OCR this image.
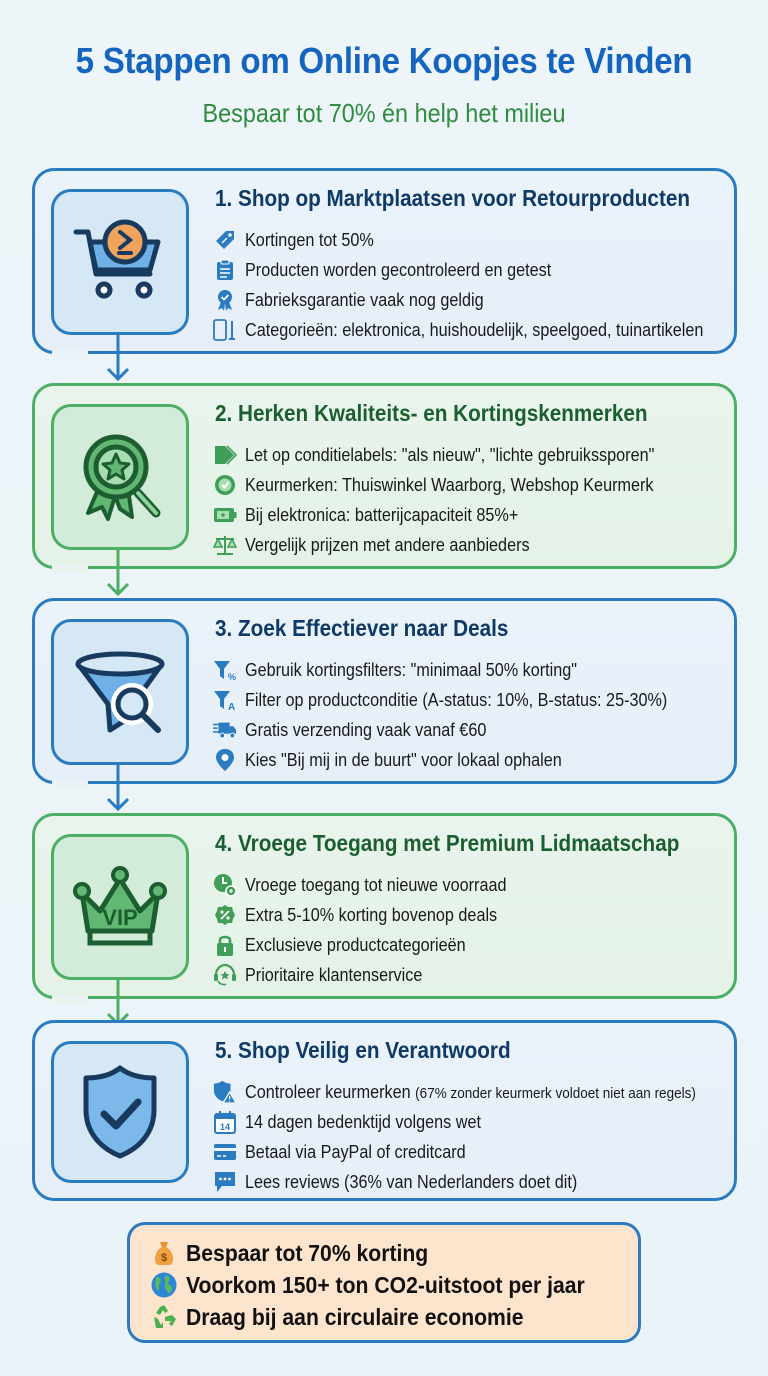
5 Stappen om Online Koopjes te Vinden
Bespaar tot 70% én help het milieu
1. Shop op Marktplaatsen voor Retourproducten
Kortingen tot 50%
Producten worden gecontroleerd en getest
Fabrieksgarantie vaak nog geldig
Categorieën: elektronica, huishoudelijk, speelgoed, tuinartikelen
2. Herken Kwaliteits- en Kortingskenmerken
Let op conditielabels: "als nieuw", "lichte gebruikssporen"
Keurmerken: Thuiswinkel Waarborg, Webshop Keurmerk
Bij elektronica: batterijcapaciteit 85%+
Vergelijk prijzen met andere aanbieders
3. Zoek Effectiever naar Deals
% Gebruik kortingsfilters: "minimaal 50% korting"
A Filter op productconditie (A-status: 10%, B-status: 25-30%)
Gratis verzending vaak vanaf €60
Kies "Bij mij in de buurt" voor lokaal ophalen
VIP
4. Vroege Toegang met Premium Lidmaatschap
Vroege toegang tot nieuwe voorraad
Extra 5-10% korting bovenop deals
Exclusieve productcategorieën
Prioritaire klantenservice
5. Shop Veilig en Verantwoord
Controleer keurmerken (67% zonder keurmerk voldoet niet aan regels)
14 14 dagen bedenktijd volgens wet
Betaal via PayPal of creditcard
Lees reviews (36% van Nederlanders doet dit)
$ Bespaar tot 70% korting
Voorkom 150+ ton CO2-uitstoot per jaar
Draag bij aan circulaire economie
